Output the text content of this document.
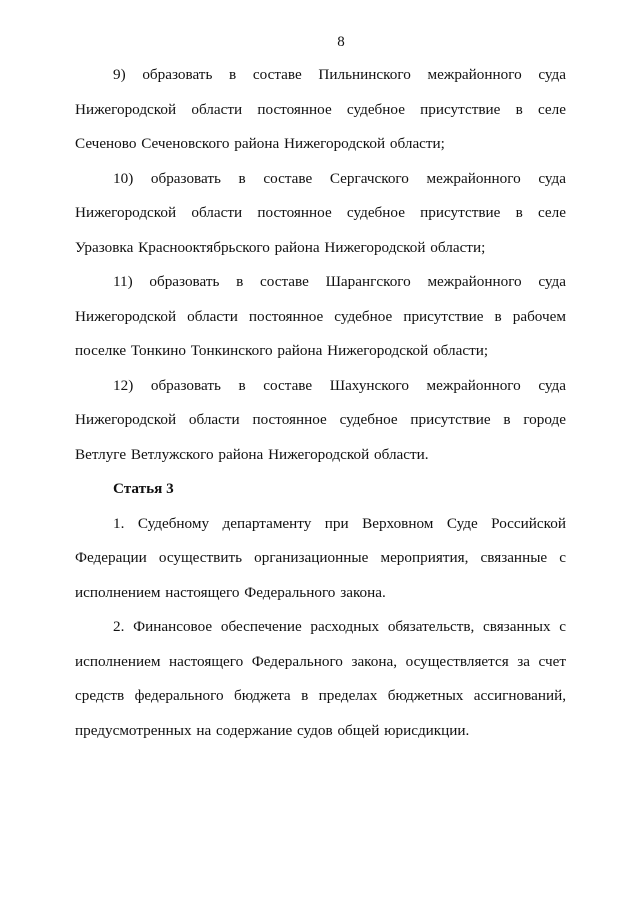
8

9) образовать в составе Пильнинского межрайонного суда Нижегородской области постоянное судебное присутствие в селе Сеченово Сеченовского района Нижегородской области;

10) образовать в составе Сергачского межрайонного суда Нижегородской области постоянное судебное присутствие в селе Уразовка Краснооктябрьского района Нижегородской области;

11) образовать в составе Шарангского межрайонного суда Нижегородской области постоянное судебное присутствие в рабочем поселке Тонкино Тонкинского района Нижегородской области;

12) образовать в составе Шахунского межрайонного суда Нижегородской области постоянное судебное присутствие в городе Ветлуге Ветлужского района Нижегородской области.

Статья 3

1. Судебному департаменту при Верховном Суде Российской Федерации осуществить организационные мероприятия, связанные с исполнением настоящего Федерального закона.

2. Финансовое обеспечение расходных обязательств, связанных с исполнением настоящего Федерального закона, осуществляется за счет средств федерального бюджета в пределах бюджетных ассигнований, предусмотренных на содержание судов общей юрисдикции.
